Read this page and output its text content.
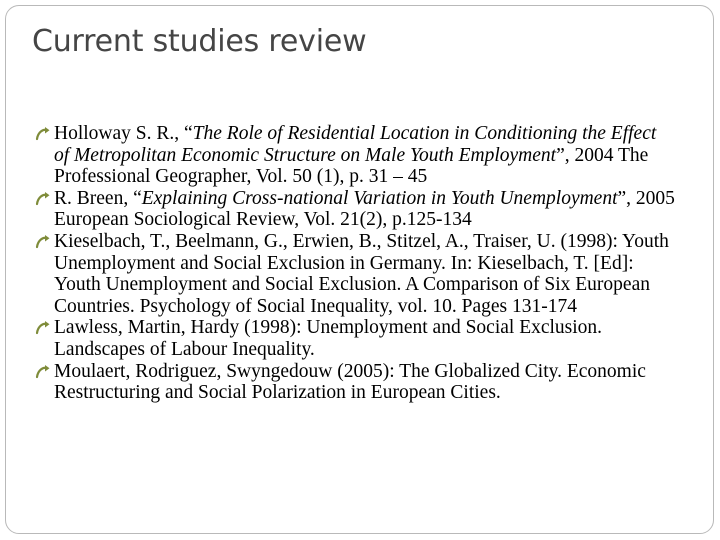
Current studies review
Holloway S. R., “The Role of Residential Location in Conditioning the Effect of Metropolitan Economic Structure on Male Youth Employment”, 2004 The Professional Geographer, Vol. 50 (1), p. 31 – 45
R. Breen, “Explaining Cross-national Variation in Youth Unemployment”, 2005 European Sociological Review, Vol. 21(2), p.125-134
Kieselbach, T., Beelmann, G., Erwien, B., Stitzel, A., Traiser, U. (1998): Youth Unemployment and Social Exclusion in Germany. In: Kieselbach, T. [Ed]: Youth Unemployment and Social Exclusion. A Comparison of Six European Countries. Psychology of Social Inequality, vol. 10. Pages 131-174
Lawless, Martin, Hardy (1998): Unemployment and Social Exclusion. Landscapes of Labour Inequality.
Moulaert, Rodriguez, Swyngedouw (2005): The Globalized City. Economic Restructuring and Social Polarization in European Cities.
